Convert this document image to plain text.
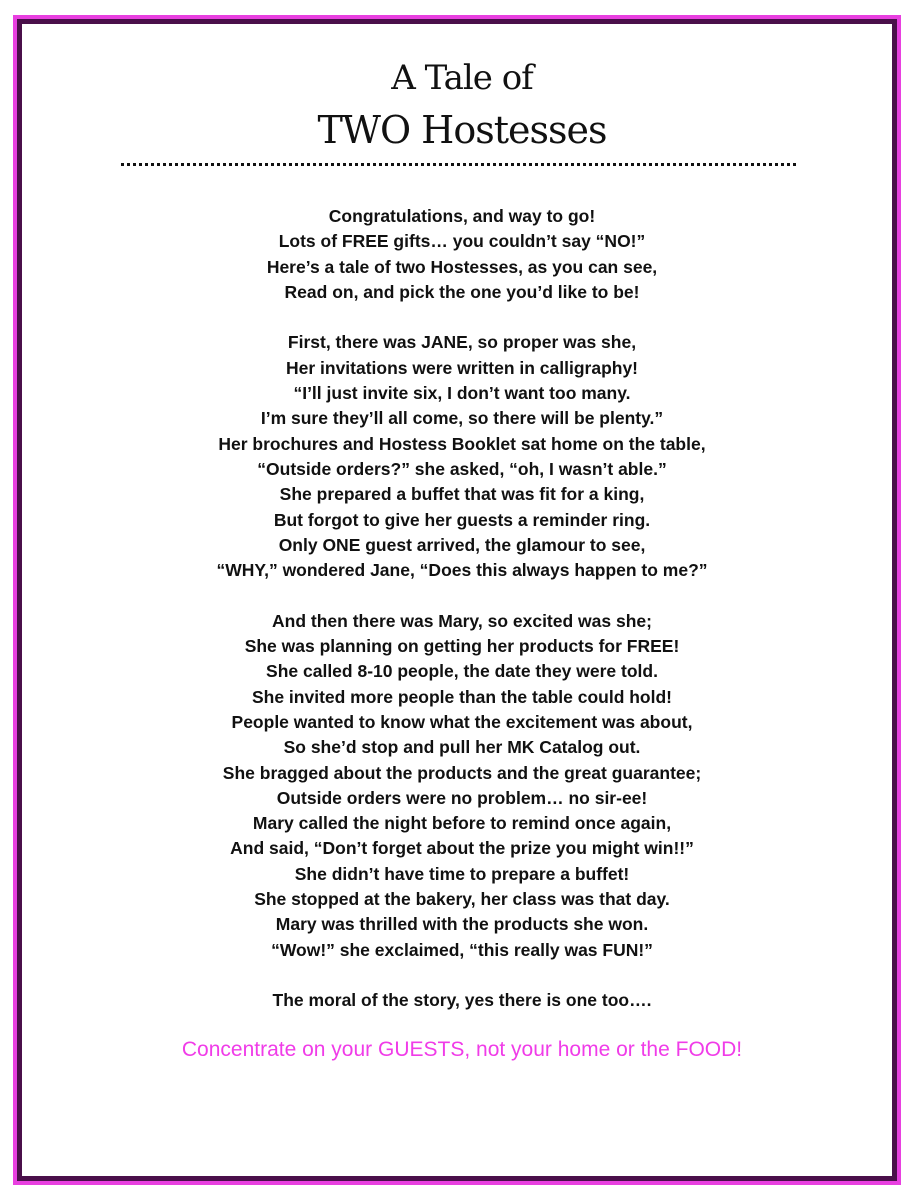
A Tale of
TWO Hostesses
Congratulations, and way to go!
Lots of FREE gifts… you couldn’t say “NO!”
Here’s a tale of two Hostesses, as you can see,
Read on, and pick the one you’d like to be!
First, there was JANE, so proper was she,
Her invitations were written in calligraphy!
“I’ll just invite six, I don’t want too many.
I’m sure they’ll all come, so there will be plenty.”
Her brochures and Hostess Booklet sat home on the table,
“Outside orders?” she asked, “oh, I wasn’t able.”
She prepared a buffet that was fit for a king,
But forgot to give her guests a reminder ring.
Only ONE guest arrived, the glamour to see,
“WHY,” wondered Jane, “Does this always happen to me?”
And then there was Mary, so excited was she;
She was planning on getting her products for FREE!
She called 8-10 people, the date they were told.
She invited more people than the table could hold!
People wanted to know what the excitement was about,
So she’d stop and pull her MK Catalog out.
She bragged about the products and the great guarantee;
Outside orders were no problem… no sir-ee!
Mary called the night before to remind once again,
And said, “Don’t forget about the prize you might win!!”
She didn’t have time to prepare a buffet!
She stopped at the bakery, her class was that day.
Mary was thrilled with the products she won.
“Wow!” she exclaimed, “this really was FUN!”
The moral of the story, yes there is one too….
Concentrate on your GUESTS, not your home or the FOOD!
